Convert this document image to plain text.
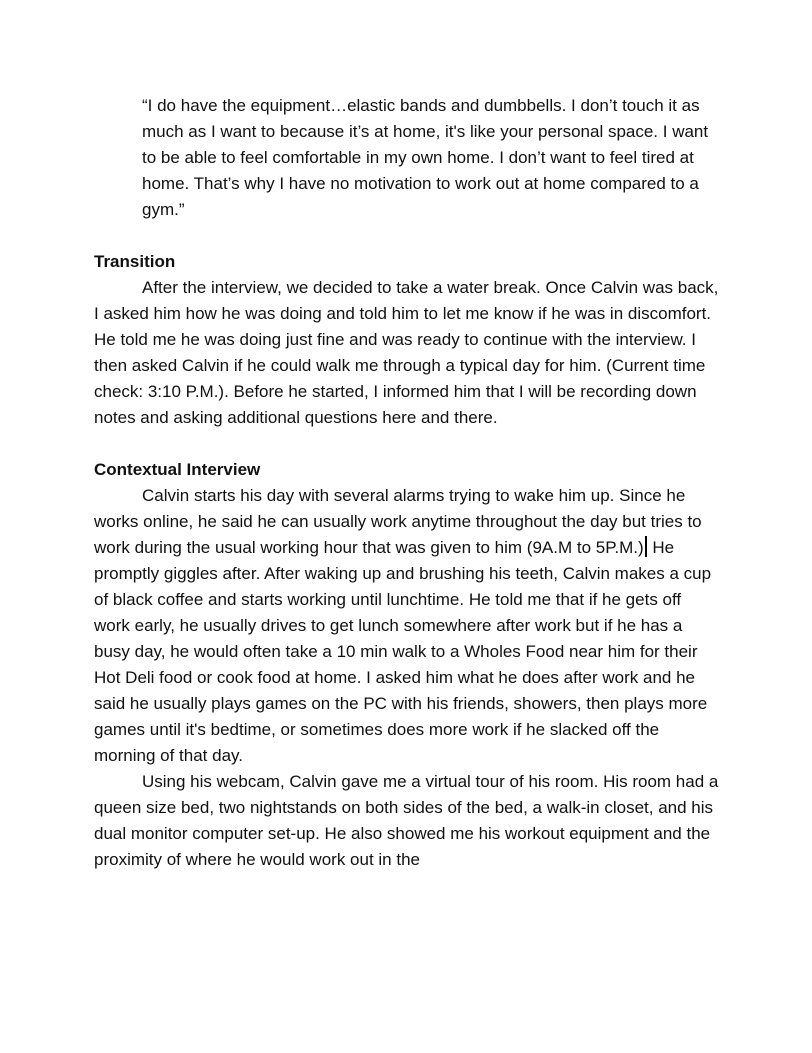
“I do have the equipment…elastic bands and dumbbells. I don’t touch it as much as I want to because it’s at home, it's like your personal space. I want to be able to feel comfortable in my own home. I don’t want to feel tired at home. That’s why I have no motivation to work out at home compared to a gym.”

Transition

After the interview, we decided to take a water break. Once Calvin was back, I asked him how he was doing and told him to let me know if he was in discomfort. He told me he was doing just fine and was ready to continue with the interview. I then asked Calvin if he could walk me through a typical day for him. (Current time check: 3:10 P.M.). Before he started, I informed him that I will be recording down notes and asking additional questions here and there.

Contextual Interview

Calvin starts his day with several alarms trying to wake him up. Since he works online, he said he can usually work anytime throughout the day but tries to work during the usual working hour that was given to him (9A.M to 5P.M.) He promptly giggles after. After waking up and brushing his teeth, Calvin makes a cup of black coffee and starts working until lunchtime. He told me that if he gets off work early, he usually drives to get lunch somewhere after work but if he has a busy day, he would often take a 10 min walk to a Wholes Food near him for their Hot Deli food or cook food at home. I asked him what he does after work and he said he usually plays games on the PC with his friends, showers, then plays more games until it's bedtime, or sometimes does more work if he slacked off the morning of that day.

Using his webcam, Calvin gave me a virtual tour of his room. His room had a queen size bed, two nightstands on both sides of the bed, a walk-in closet, and his dual monitor computer set-up. He also showed me his workout equipment and the proximity of where he would work out in the
